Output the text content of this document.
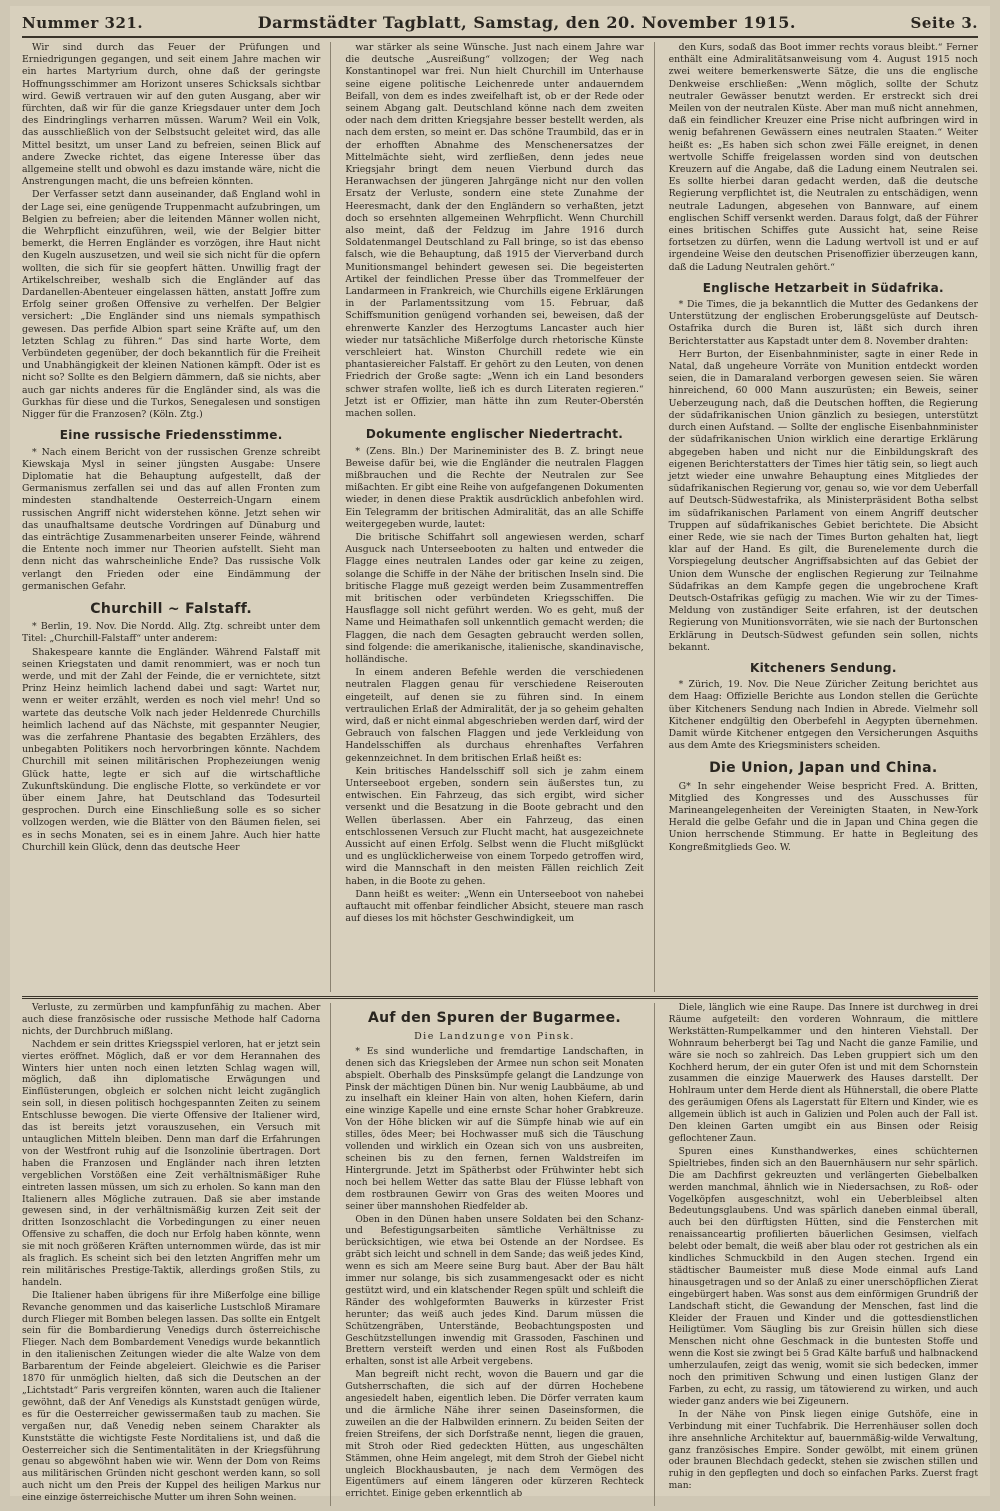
Nummer 321.	Darmstädter Tagblatt, Samstag, den 20. November 1915.	Seite 3.

Wir sind durch das Feuer der Prüfungen und Erniedrigungen gegangen, und seit einem Jahre machen wir ein hartes Martyrium durch, ohne daß der geringste Hoffnungsschimmer am Horizont unseres Schicksals sichtbar wird. Gewiß vertrauen wir auf den guten Ausgang, aber wir fürchten, daß wir für die ganze Kriegsdauer unter dem Joch des Eindringlings verharren müssen. Warum? Weil ein Volk, das ausschließlich von der Selbstsucht geleitet wird, das alle Mittel besitzt, um unser Land zu befreien, seinen Blick auf andere Zwecke richtet, das eigene Interesse über das allgemeine stellt und obwohl es dazu imstande wäre, nicht die Anstrengungen macht, die uns befreien könnten.

Der Verfasser setzt dann auseinander, daß England wohl in der Lage sei, eine genügende Truppenmacht aufzubringen, um Belgien zu befreien; aber die leitenden Männer wollen nicht, die Wehrpflicht einzuführen, weil, wie der Belgier bitter bemerkt, die Herren Engländer es vorzögen, ihre Haut nicht den Kugeln auszusetzen, und weil sie sich nicht für die opfern wollten, die sich für sie geopfert hätten. Unwillig fragt der Artikelschreiber, weshalb sich die Engländer auf das Dardanellen-Abenteuer eingelassen hätten, anstatt Joffre zum Erfolg seiner großen Offensive zu verhelfen. Der Belgier versichert: „Die Engländer sind uns niemals sympathisch gewesen. Das perfide Albion spart seine Kräfte auf, um den letzten Schlag zu führen.“ Das sind harte Worte, dem Verbündeten gegenüber, der doch bekanntlich für die Freiheit und Unabhängigkeit der kleinen Nationen kämpft. Oder ist es nicht so? Sollte es den Belgiern dämmern, daß sie nichts, aber auch gar nichts anderes für die Engländer sind, als was die Gurkhas für diese und die Turkos, Senegalesen und sonstigen Nigger für die Franzosen? (Köln. Ztg.)

Eine russische Friedensstimme.

* Nach einem Bericht von der russischen Grenze schreibt Kiewskaja Mysl in seiner jüngsten Ausgabe: Unsere Diplomatie hat die Behauptung aufgestellt, daß der Germanismus zerfallen sei und das auf allen Fronten zum mindesten standhaltende Oesterreich-Ungarn einem russischen Angriff nicht widerstehen könne. Jetzt sehen wir das unaufhaltsame deutsche Vordringen auf Dünaburg und das einträchtige Zusammenarbeiten unserer Feinde, während die Entente noch immer nur Theorien aufstellt. Sieht man denn nicht das wahrscheinliche Ende? Das russische Volk verlangt den Frieden oder eine Eindämmung der germanischen Gefahr.

Churchill ~ Falstaff.

* Berlin, 19. Nov. Die Nordd. Allg. Ztg. schreibt unter dem Titel: „Churchill-Falstaff“ unter anderem:

Shakespeare kannte die Engländer. Während Falstaff mit seinen Kriegstaten und damit renommiert, was er noch tun werde, und mit der Zahl der Feinde, die er vernichtete, sitzt Prinz Heinz heimlich lachend dabei und sagt: Wartet nur, wenn er weiter erzählt, werden es noch viel mehr! Und so wartete das deutsche Volk nach jeder Heldenrede Churchills heimlich lachend auf das Nächste, mit gespannter Neugier, was die zerfahrene Phantasie des begabten Erzählers, des unbegabten Politikers noch hervorbringen könnte. Nachdem Churchill mit seinen militärischen Prophezeiungen wenig Glück hatte, legte er sich auf die wirtschaftliche Zukunftskündung. Die englische Flotte, so verkündete er vor über einem Jahre, hat Deutschland das Todesurteil gesprochen. Durch eine Einschließung solle es so sicher vollzogen werden, wie die Blätter von den Bäumen fielen, sei es in sechs Monaten, sei es in einem Jahre. Auch hier hatte Churchill kein Glück, denn das deutsche Heer

war stärker als seine Wünsche. Just nach einem Jahre war die deutsche „Ausreißung“ vollzogen; der Weg nach Konstantinopel war frei. Nun hielt Churchill im Unterhause seine eigene politische Leichenrede unter andauerndem Beifall, von dem es indes zweifelhaft ist, ob er der Rede oder seinem Abgang galt. Deutschland könne nach dem zweiten oder nach dem dritten Kriegsjahre besser bestellt werden, als nach dem ersten, so meint er. Das schöne Traumbild, das er in der erhofften Abnahme des Menschenersatzes der Mittelmächte sieht, wird zerfließen, denn jedes neue Kriegsjahr bringt dem neuen Vierbund durch das Heranwachsen der jüngeren Jahrgänge nicht nur den vollen Ersatz der Verluste, sondern eine stete Zunahme der Heeresmacht, dank der den Engländern so verhaßten, jetzt doch so ersehnten allgemeinen Wehrpflicht. Wenn Churchill also meint, daß der Feldzug im Jahre 1916 durch Soldatenmangel Deutschland zu Fall bringe, so ist das ebenso falsch, wie die Behauptung, daß 1915 der Vierverband durch Munitionsmangel behindert gewesen sei. Die begeisterten Artikel der feindlichen Presse über das Trommelfeuer der Landarmeen in Frankreich, wie Churchills eigene Erklärungen in der Parlamentssitzung vom 15. Februar, daß Schiffsmunition genügend vorhanden sei, beweisen, daß der ehrenwerte Kanzler des Herzogtums Lancaster auch hier wieder nur tatsächliche Mißerfolge durch rhetorische Künste verschleiert hat. Winston Churchill redete wie ein phantasiereicher Falstaff. Er gehört zu den Leuten, von denen Friedrich der Große sagte: „Wenn ich ein Land besonders schwer strafen wollte, ließ ich es durch Literaten regieren.“ Jetzt ist er Offizier, man hätte ihn zum Reuter-Oberstén machen sollen.

Dokumente englischer Niedertracht.

* (Zens. Bln.) Der Marineminister des B. Z. bringt neue Beweise dafür bei, wie die Engländer die neutralen Flaggen mißbrauchen und die Rechte der Neutralen zur See mißachten. Er gibt eine Reihe von aufgefangenen Dokumenten wieder, in denen diese Praktik ausdrücklich anbefohlen wird. Ein Telegramm der britischen Admiralität, das an alle Schiffe weitergegeben wurde, lautet:

Die britische Schiffahrt soll angewiesen werden, scharf Ausguck nach Unterseebooten zu halten und entweder die Flagge eines neutralen Landes oder gar keine zu zeigen, solange die Schiffe in der Nähe der britischen Inseln sind. Die britische Flagge muß gezeigt werden beim Zusammentreffen mit britischen oder verbündeten Kriegsschiffen. Die Hausflagge soll nicht geführt werden. Wo es geht, muß der Name und Heimathafen soll unkenntlich gemacht werden; die Flaggen, die nach dem Gesagten gebraucht werden sollen, sind folgende: die amerikanische, italienische, skandinavische, holländische.

In einem anderen Befehle werden die verschiedenen neutralen Flaggen genau für verschiedene Reiserouten eingeteilt, auf denen sie zu führen sind. In einem vertraulichen Erlaß der Admiralität, der ja so geheim gehalten wird, daß er nicht einmal abgeschrieben werden darf, wird der Gebrauch von falschen Flaggen und jede Verkleidung von Handelsschiffen als durchaus ehrenhaftes Verfahren gekennzeichnet. In dem britischen Erlaß heißt es:

Kein britisches Handelsschiff soll sich je zahm einem Unterseeboot ergeben, sondern sein äußerstes tun, zu entwischen. Ein Fahrzeug, das sich ergibt, wird sicher versenkt und die Besatzung in die Boote gebracht und den Wellen überlassen. Aber ein Fahrzeug, das einen entschlossenen Versuch zur Flucht macht, hat ausgezeichnete Aussicht auf einen Erfolg. Selbst wenn die Flucht mißglückt und es unglücklicherweise von einem Torpedo getroffen wird, wird die Mannschaft in den meisten Fällen reichlich Zeit haben, in die Boote zu gehen.

Dann heißt es weiter: „Wenn ein Unterseeboot von nahebei auftaucht mit offenbar feindlicher Absicht, steuere man rasch auf dieses los mit höchster Geschwindigkeit, um

den Kurs, sodaß das Boot immer rechts voraus bleibt.“ Ferner enthält eine Admiralitätsanweisung vom 4. August 1915 noch zwei weitere bemerkenswerte Sätze, die uns die englische Denkweise erschließen: „Wenn möglich, sollte der Schutz neutraler Gewässer benutzt werden. Er erstreckt sich drei Meilen von der neutralen Küste. Aber man muß nicht annehmen, daß ein feindlicher Kreuzer eine Prise nicht aufbringen wird in wenig befahrenen Gewässern eines neutralen Staaten.“ Weiter heißt es: „Es haben sich schon zwei Fälle ereignet, in denen wertvolle Schiffe freigelassen worden sind von deutschen Kreuzern auf die Angabe, daß die Ladung einem Neutralen sei. Es sollte hierbei daran gedacht werden, daß die deutsche Regierung verpflichtet ist, die Neutralen zu entschädigen, wenn neutrale Ladungen, abgesehen von Bannware, auf einem englischen Schiff versenkt werden. Daraus folgt, daß der Führer eines britischen Schiffes gute Aussicht hat, seine Reise fortsetzen zu dürfen, wenn die Ladung wertvoll ist und er auf irgendeine Weise den deutschen Prisenoffizier überzeugen kann, daß die Ladung Neutralen gehört.“

Englische Hetzarbeit in Südafrika.

* Die Times, die ja bekanntlich die Mutter des Gedankens der Unterstützung der englischen Eroberungsgelüste auf Deutsch-Ostafrika durch die Buren ist, läßt sich durch ihren Berichterstatter aus Kapstadt unter dem 8. November drahten:

Herr Burton, der Eisenbahnminister, sagte in einer Rede in Natal, daß ungeheure Vorräte von Munition entdeckt worden seien, die in Damaraland verborgen gewesen seien. Sie wären hinreichend, 60 000 Mann auszurüsten; ein Beweis, seiner Ueberzeugung nach, daß die Deutschen hofften, die Regierung der südafrikanischen Union gänzlich zu besiegen, unterstützt durch einen Aufstand. — Sollte der englische Eisenbahnminister der südafrikanischen Union wirklich eine derartige Erklärung abgegeben haben und nicht nur die Einbildungskraft des eigenen Berichterstatters der Times hier tätig sein, so liegt auch jetzt wieder eine unwahre Behauptung eines Mitgliedes der südafrikanischen Regierung vor, genau so, wie vor dem Ueberfall auf Deutsch-Südwestafrika, als Ministerpräsident Botha selbst im südafrikanischen Parlament von einem Angriff deutscher Truppen auf südafrikanisches Gebiet berichtete. Die Absicht einer Rede, wie sie nach der Times Burton gehalten hat, liegt klar auf der Hand. Es gilt, die Burenelemente durch die Vorspiegelung deutscher Angriffsabsichten auf das Gebiet der Union dem Wunsche der englischen Regierung zur Teilnahme Südafrikas an dem Kampfe gegen die ungebrochene Kraft Deutsch-Ostafrikas gefügig zu machen. Wie wir zu der Times-Meldung von zuständiger Seite erfahren, ist der deutschen Regierung von Munitionsvorräten, wie sie nach der Burtonschen Erklärung in Deutsch-Südwest gefunden sein sollen, nichts bekannt.

Kitcheners Sendung.

* Zürich, 19. Nov. Die Neue Züricher Zeitung berichtet aus dem Haag: Offizielle Berichte aus London stellen die Gerüchte über Kitcheners Sendung nach Indien in Abrede. Vielmehr soll Kitchener endgültig den Oberbefehl in Aegypten übernehmen. Damit würde Kitchener entgegen den Versicherungen Asquiths aus dem Amte des Kriegsministers scheiden.

Die Union, Japan und China.

G* In sehr eingehender Weise bespricht Fred. A. Britten, Mitglied des Kongresses und des Ausschusses für Marineangelegenheiten der Vereinigten Staaten, in New-York Herald die gelbe Gefahr und die in Japan und China gegen die Union herrschende Stimmung. Er hatte in Begleitung des Kongreßmitglieds Geo. W.

Verluste, zu zermürben und kampfunfähig zu machen. Aber auch diese französische oder russische Methode half Cadorna nichts, der Durchbruch mißlang.

Nachdem er sein drittes Kriegsspiel verloren, hat er jetzt sein viertes eröffnet. Möglich, daß er vor dem Herannahen des Winters hier unten noch einen letzten Schlag wagen will, möglich, daß ihn diplomatische Erwägungen und Einflüsterungen, obgleich er solchen nicht leicht zugänglich sein soll, in diesen politisch hochgespannten Zeiten zu seinem Entschlusse bewogen. Die vierte Offensive der Italiener wird, das ist bereits jetzt vorauszusehen, ein Versuch mit untauglichen Mitteln bleiben. Denn man darf die Erfahrungen von der Westfront ruhig auf die Isonzolinie übertragen. Dort haben die Franzosen und Engländer nach ihren letzten vergeblichen Vorstößen eine Zeit verhältnismäßiger Ruhe eintreten lassen müssen, um sich zu erholen. So kann man den Italienern alles Mögliche zutrauen. Daß sie aber imstande gewesen sind, in der verhältnismäßig kurzen Zeit seit der dritten Isonzoschlacht die Vorbedingungen zu einer neuen Offensive zu schaffen, die doch nur Erfolg haben könnte, wenn sie mit noch größeren Kräften unternommen würde, das ist mir als fraglich. Es scheint sich bei den letzten Angriffen mehr um rein militärisches Prestige-Taktik, allerdings großen Stils, zu handeln.

Die Italiener haben übrigens für ihre Mißerfolge eine billige Revanche genommen und das kaiserliche Lustschloß Miramare durch Flieger mit Bomben belegen lassen. Das sollte ein Entgelt sein für die Bombardierung Venedigs durch österreichische Flieger. Nach dem Bombardement Venedigs wurde bekanntlich in den italienischen Zeitungen wieder die alte Walze von dem Barbarentum der Feinde abgeleiert. Gleichwie es die Pariser 1870 für unmöglich hielten, daß sich die Deutschen an der „Lichtstadt“ Paris vergreifen könnten, waren auch die Italiener gewöhnt, daß der Anf Venedigs als Kunststadt genügen würde, es für die Oesterreicher gewissermaßen taub zu machen. Sie vergaßen nur, daß Venedig neben seinem Charakter als Kunststätte die wichtigste Feste Norditaliens ist, und daß die Oesterreicher sich die Sentimentalitäten in der Kriegsführung genau so abgewöhnt haben wie wir. Wenn der Dom von Reims aus militärischen Gründen nicht geschont werden kann, so soll auch nicht um den Preis der Kuppel des heiligen Markus nur eine einzige österreichische Mutter um ihren Sohn weinen.

Auf den Spuren der Bugarmee.
Die Landzunge von Pinsk.

* Es sind wunderliche und fremdartige Landschaften, in denen sich das Kriegsleben der Armee nun schon seit Monaten abspielt. Oberhalb des Pinsksümpfe gelangt die Landzunge von Pinsk der mächtigen Dünen bin. Nur wenig Laubbäume, ab und zu inselhaft ein kleiner Hain von alten, hohen Kiefern, darin eine winzige Kapelle und eine ernste Schar hoher Grabkreuze. Von der Höhe blicken wir auf die Sümpfe hinab wie auf ein stilles, ödes Meer; bei Hochwasser muß sich die Täuschung vollenden und wirklich ein Ozean sich von uns ausbreiten, scheinen bis zu den fernen, fernen Waldstreifen im Hintergrunde. Jetzt im Spätherbst oder Frühwinter hebt sich noch bei hellem Wetter das satte Blau der Flüsse lebhaft von dem rostbraunen Gewirr von Gras des weiten Moores und seiner über mannshohen Riedfelder ab.

Oben in den Dünen haben unsere Soldaten bei den Schanz- und Befestigungsarbeiten sämtliche Verhältnisse zu berücksichtigen, wie etwa bei Ostende an der Nordsee. Es gräbt sich leicht und schnell in dem Sande; das weiß jedes Kind, wenn es sich am Meere seine Burg baut. Aber der Bau hält immer nur solange, bis sich zusammengesackt oder es nicht gestützt wird, und ein klatschender Regen spült und schleift die Ränder des wohlgeformten Bauwerks in kürzester Frist herunter; das weiß auch jedes Kind. Darum müssen die Schützengräben, Unterstände, Beobachtungsposten und Geschützstellungen inwendig mit Grassoden, Faschinen und Brettern versteift werden und einen Rost als Fußboden erhalten, sonst ist alle Arbeit vergebens.

Man begreift nicht recht, wovon die Bauern und gar die Gutsherrschaften, die sich auf der dürren Hochebene angesiedelt haben, eigentlich leben. Die Dörfer verraten kaum und die ärmliche Nähe ihrer seinen Daseinsformen, die zuweilen an die der Halbwilden erinnern. Zu beiden Seiten der freien Streifens, der sich Dorfstraße nennt, liegen die grauen, mit Stroh oder Ried gedeckten Hütten, aus ungeschälten Stämmen, ohne Heim angelegt, mit dem Stroh der Giebel nicht ungleich Blockhausbauten, je nach dem Vermögen des Eigentümers auf einem längeren oder kürzeren Rechteck errichtet. Einige geben erkenntlich ab

Diele, länglich wie eine Raupe. Das Innere ist durchweg in drei Räume aufgeteilt: den vorderen Wohnraum, die mittlere Werkstätten-Rumpelkammer und den hinteren Viehstall. Der Wohnraum beherbergt bei Tag und Nacht die ganze Familie, und wäre sie noch so zahlreich. Das Leben gruppiert sich um den Kochherd herum, der ein guter Ofen ist und mit dem Schornstein zusammen die einzige Mauerwerk des Hauses darstellt. Der Hohlraum unter dem Herde dient als Hühnerstall, die obere Platte des geräumigen Ofens als Lagerstatt für Eltern und Kinder, wie es allgemein üblich ist auch in Galizien und Polen auch der Fall ist. Den kleinen Garten umgibt ein aus Binsen oder Reisig geflochtener Zaun.

Spuren eines Kunsthandwerkes, eines schüchternen Spieltriebes, finden sich an den Bauernhäusern nur sehr spärlich. Die am Dachfirst gekreuzten und verlängerten Giebelbalken werden manchmal, ähnlich wie in Niedersachsen, zu Roß- oder Vogelköpfen ausgeschnitzt, wohl ein Ueberbleibsel alten Bedeutungsglaubens. Und was spärlich daneben einmal überall, auch bei den dürftigsten Hütten, sind die Fensterchen mit renaissanceartig profilierten bäuerlichen Gesimsen, vielfach belebt oder bemalt, die weiß aber blau oder rot gestrichen als ein kindliches Schmuckbild in den Augen stechen. Irgend ein städtischer Baumeister muß diese Mode einmal aufs Land hinausgetragen und so der Anlaß zu einer unerschöpflichen Zierat eingebürgert haben. Was sonst aus dem einförmigen Grundriß der Landschaft sticht, die Gewandung der Menschen, fast lind die Kleider der Frauen und Kinder und die gottesdienstlichen Heiligtümer. Vom Säugling bis zur Greisin hüllen sich diese Menschen nicht ohne Geschmack in die buntesten Stoffe und wenn die Kost sie zwingt bei 5 Grad Kälte barfuß und halbnackend umherzulaufen, zeigt das wenig, womit sie sich bedecken, immer noch den primitiven Schwung und einen lustigen Glanz der Farben, zu echt, zu rassig, um tätowierend zu wirken, und auch wieder ganz anders wie bei Zigeunern.

In der Nähe von Pinsk liegen einige Gutshöfe, eine in Verbindung mit einer Tuchfabrik. Die Herrenhäuser sollen doch ihre ansehnliche Architektur auf, bauernmäßig-wilde Verwaltung, ganz französisches Empire. Sonder gewölbt, mit einem grünen oder braunen Blechdach gedeckt, stehen sie zwischen stillen und ruhig in den gepflegten und doch so einfachen Parks. Zuerst fragt man:
